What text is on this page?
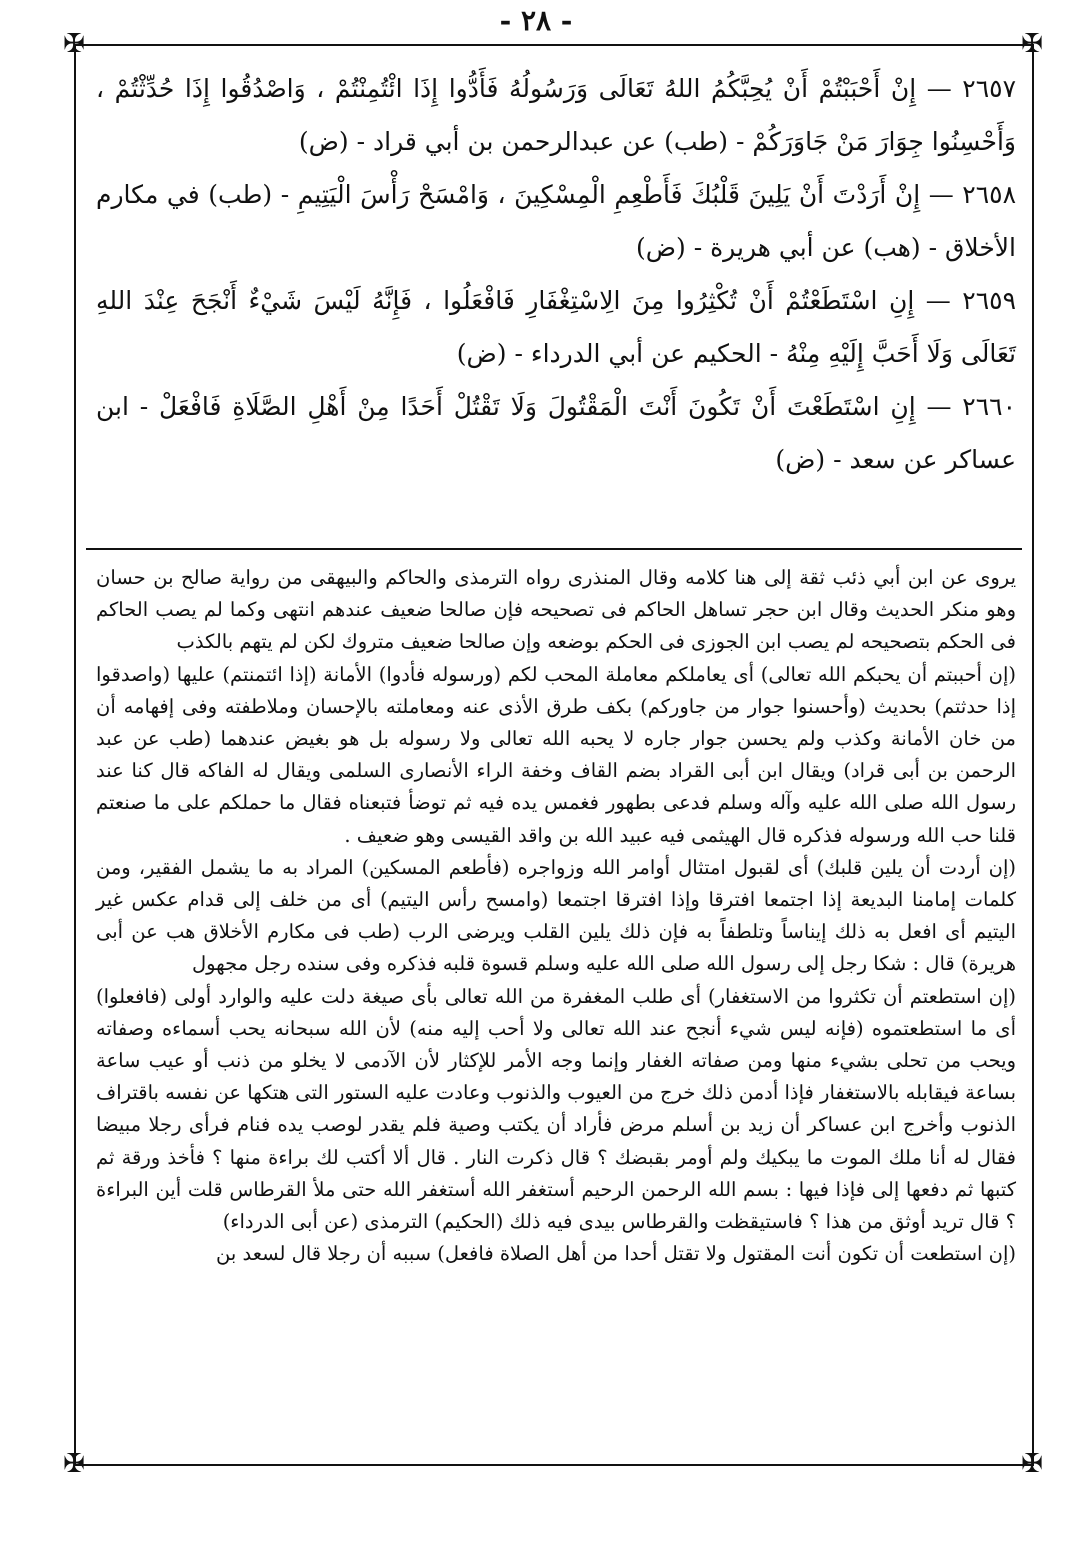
- ٢٨ -
✠	✠
✠	✠

٢٦٥٧ — إِنْ أَحْبَبْتُمْ أَنْ يُحِبَّكُمُ اللهُ تَعَالَى وَرَسُولُهُ فَأَدُّوا إِذَا ائْتُمِنْتُمْ ، وَاصْدُقُوا إِذَا حُدِّثْتُمْ ، وَأَحْسِنُوا جِوَارَ مَنْ جَاوَرَكُمْ - (طب) عن عبدالرحمن بن أبي قراد - (ض)

٢٦٥٨ — إِنْ أَرَدْتَ أَنْ يَلِينَ قَلْبُكَ فَأَطْعِمِ الْمِسْكِينَ ، وَامْسَحْ رَأْسَ الْيَتِيمِ - (طب) في مكارم الأخلاق - (هب) عن أبي هريرة - (ض)

٢٦٥٩ — إِنِ اسْتَطَعْتُمْ أَنْ تُكْثِرُوا مِنَ الِاسْتِغْفَارِ فَافْعَلُوا ، فَإِنَّهُ لَيْسَ شَيْءٌ أَنْجَحَ عِنْدَ اللهِ تَعَالَى وَلَا أَحَبَّ إِلَيْهِ مِنْهُ - الحكيم عن أبي الدرداء - (ض)

٢٦٦٠ — إِنِ اسْتَطَعْتَ أَنْ تَكُونَ أَنْتَ الْمَقْتُولَ وَلَا تَقْتُلْ أَحَدًا مِنْ أَهْلِ الصَّلَاةِ فَافْعَلْ - ابن عساكر عن سعد - (ض)

يروى عن ابن أبي ذئب ثقة إلى هنا كلامه وقال المنذرى رواه الترمذى والحاكم والبيهقى من رواية صالح بن حسان وهو منكر الحديث وقال ابن حجر تساهل الحاكم فى تصحيحه فإن صالحا ضعيف عندهم انتهى وكما لم يصب الحاكم فى الحكم بتصحيحه لم يصب ابن الجوزى فى الحكم بوضعه وإن صالحا ضعيف متروك لكن لم يتهم بالكذب

(إن أحببتم أن يحبكم الله تعالى) أى يعاملكم معاملة المحب لكم (ورسوله فأدوا) الأمانة (إذا ائتمنتم) عليها (واصدقوا إذا حدثتم) بحديث (وأحسنوا جوار من جاوركم) بكف طرق الأذى عنه ومعاملته بالإحسان وملاطفته وفى إفهامه أن من خان الأمانة وكذب ولم يحسن جوار جاره لا يحبه الله تعالى ولا رسوله بل هو بغيض عندهما (طب عن عبد الرحمن بن أبى قراد) ويقال ابن أبى القراد بضم القاف وخفة الراء الأنصارى السلمى ويقال له الفاكه قال كنا عند رسول الله صلى الله عليه وآله وسلم فدعى بطهور فغمس يده فيه ثم توضأ فتبعناه فقال ما حملكم على ما صنعتم قلنا حب الله ورسوله فذكره قال الهيثمى فيه عبيد الله بن واقد القيسى وهو ضعيف .

(إن أردت أن يلين قلبك) أى لقبول امتثال أوامر الله وزواجره (فأطعم المسكين) المراد به ما يشمل الفقير، ومن كلمات إمامنا البديعة إذا اجتمعا افترقا وإذا افترقا اجتمعا (وامسح رأس اليتيم) أى من خلف إلى قدام عكس غير اليتيم أى افعل به ذلك إيناساً وتلطفاً به فإن ذلك يلين القلب ويرضى الرب (طب فى مكارم الأخلاق هب عن أبى هريرة) قال : شكا رجل إلى رسول الله صلى الله عليه وسلم قسوة قلبه فذكره وفى سنده رجل مجهول

(إن استطعتم أن تكثروا من الاستغفار) أى طلب المغفرة من الله تعالى بأى صيغة دلت عليه والوارد أولى (فافعلوا) أى ما استطعتموه (فإنه ليس شيء أنجح عند الله تعالى ولا أحب إليه منه) لأن الله سبحانه يحب أسماءه وصفاته ويحب من تحلى بشيء منها ومن صفاته الغفار وإنما وجه الأمر للإكثار لأن الآدمى لا يخلو من ذنب أو عيب ساعة بساعة فيقابله بالاستغفار فإذا أدمن ذلك خرج من العيوب والذنوب وعادت عليه الستور التى هتكها عن نفسه باقتراف الذنوب وأخرج ابن عساكر أن زيد بن أسلم مرض فأراد أن يكتب وصية فلم يقدر لوصب يده فنام فرأى رجلا مبيضا فقال له أنا ملك الموت ما يبكيك ولم أومر بقبضك ؟ قال ذكرت النار . قال ألا أكتب لك براءة منها ؟ فأخذ ورقة ثم كتبها ثم دفعها إلى فإذا فيها : بسم الله الرحمن الرحيم أستغفر الله أستغفر الله حتى ملأ القرطاس قلت أين البراءة ؟ قال تريد أوثق من هذا ؟ فاستيقظت والقرطاس بيدى فيه ذلك (الحكيم) الترمذى (عن أبى الدرداء)

(إن استطعت أن تكون أنت المقتول ولا تقتل أحدا من أهل الصلاة فافعل) سببه أن رجلا قال لسعد بن
